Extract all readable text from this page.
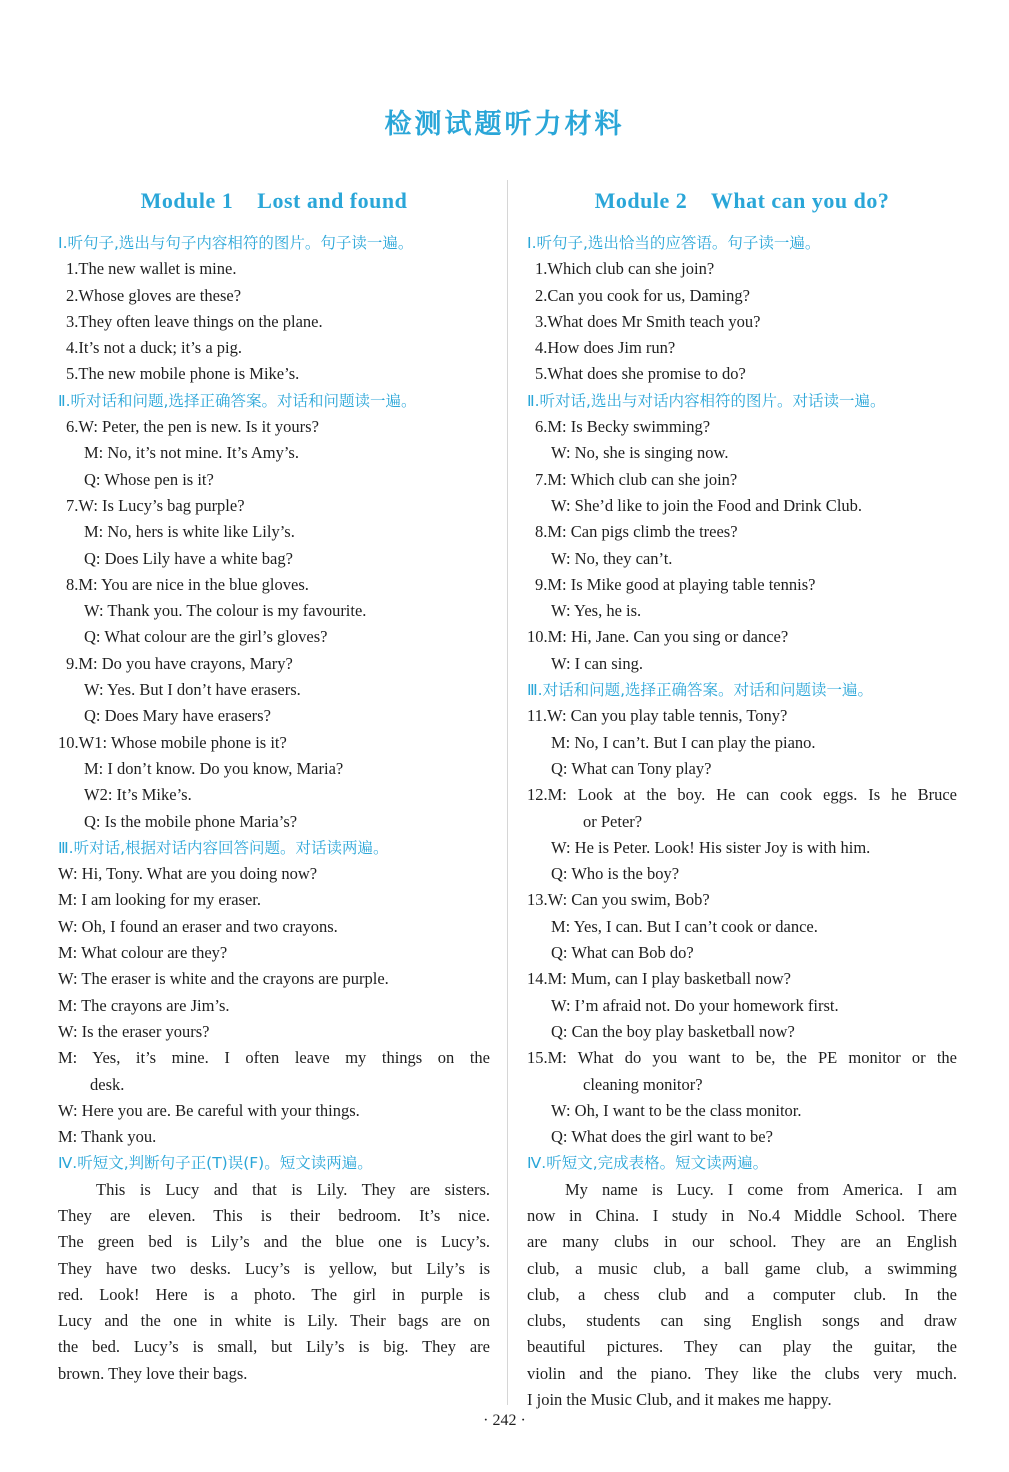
检测试题听力材料
Module 1    Lost and found
Ⅰ.听句子,选出与句子内容相符的图片。句子读一遍。
1.The new wallet is mine.
2.Whose gloves are these?
3.They often leave things on the plane.
4.It’s not a duck; it’s a pig.
5.The new mobile phone is Mike’s.
Ⅱ.听对话和问题,选择正确答案。对话和问题读一遍。
6.W: Peter, the pen is new. Is it yours?
M: No, it’s not mine. It’s Amy’s.
Q: Whose pen is it?
7.W: Is Lucy’s bag purple?
M: No, hers is white like Lily’s.
Q: Does Lily have a white bag?
8.M: You are nice in the blue gloves.
W: Thank you. The colour is my favourite.
Q: What colour are the girl’s gloves?
9.M: Do you have crayons, Mary?
W: Yes. But I don’t have erasers.
Q: Does Mary have erasers?
10.W1: Whose mobile phone is it?
M: I don’t know. Do you know, Maria?
W2: It’s Mike’s.
Q: Is the mobile phone Maria’s?
Ⅲ.听对话,根据对话内容回答问题。对话读两遍。
W: Hi, Tony. What are you doing now?
M: I am looking for my eraser.
W: Oh, I found an eraser and two crayons.
M: What colour are they?
W: The eraser is white and the crayons are purple.
M: The crayons are Jim’s.
W: Is the eraser yours?
M: Yes, it’s mine. I often leave my things on the
desk.
W: Here you are. Be careful with your things.
M: Thank you.
Ⅳ.听短文,判断句子正(T)误(F)。短文读两遍。
This is Lucy and that is Lily. They are sisters.
They are eleven. This is their bedroom. It’s nice.
The green bed is Lily’s and the blue one is Lucy’s.
They have two desks. Lucy’s is yellow, but Lily’s is
red. Look! Here is a photo. The girl in purple is
Lucy and the one in white is Lily. Their bags are on
the bed. Lucy’s is small, but Lily’s is big. They are
brown. They love their bags.
Module 2    What can you do?
Ⅰ.听句子,选出恰当的应答语。句子读一遍。
1.Which club can she join?
2.Can you cook for us, Daming?
3.What does Mr Smith teach you?
4.How does Jim run?
5.What does she promise to do?
Ⅱ.听对话,选出与对话内容相符的图片。对话读一遍。
6.M: Is Becky swimming?
W: No, she is singing now.
7.M: Which club can she join?
W: She’d like to join the Food and Drink Club.
8.M: Can pigs climb the trees?
W: No, they can’t.
9.M: Is Mike good at playing table tennis?
W: Yes, he is.
10.M: Hi, Jane. Can you sing or dance?
W: I can sing.
Ⅲ.对话和问题,选择正确答案。对话和问题读一遍。
11.W: Can you play table tennis, Tony?
M: No, I can’t. But I can play the piano.
Q: What can Tony play?
12.M: Look at the boy. He can cook eggs. Is he Bruce
or Peter?
W: He is Peter. Look! His sister Joy is with him.
Q: Who is the boy?
13.W: Can you swim, Bob?
M: Yes, I can. But I can’t cook or dance.
Q: What can Bob do?
14.M: Mum, can I play basketball now?
W: I’m afraid not. Do your homework first.
Q: Can the boy play basketball now?
15.M: What do you want to be, the PE monitor or the
cleaning monitor?
W: Oh, I want to be the class monitor.
Q: What does the girl want to be?
Ⅳ.听短文,完成表格。短文读两遍。
My name is Lucy. I come from America. I am
now in China. I study in No.4 Middle School. There
are many clubs in our school. They are an English
club, a music club, a ball game club, a swimming
club, a chess club and a computer club. In the
clubs, students can sing English songs and draw
beautiful pictures. They can play the guitar, the
violin and the piano. They like the clubs very much.
I join the Music Club, and it makes me happy.
· 242 ·
